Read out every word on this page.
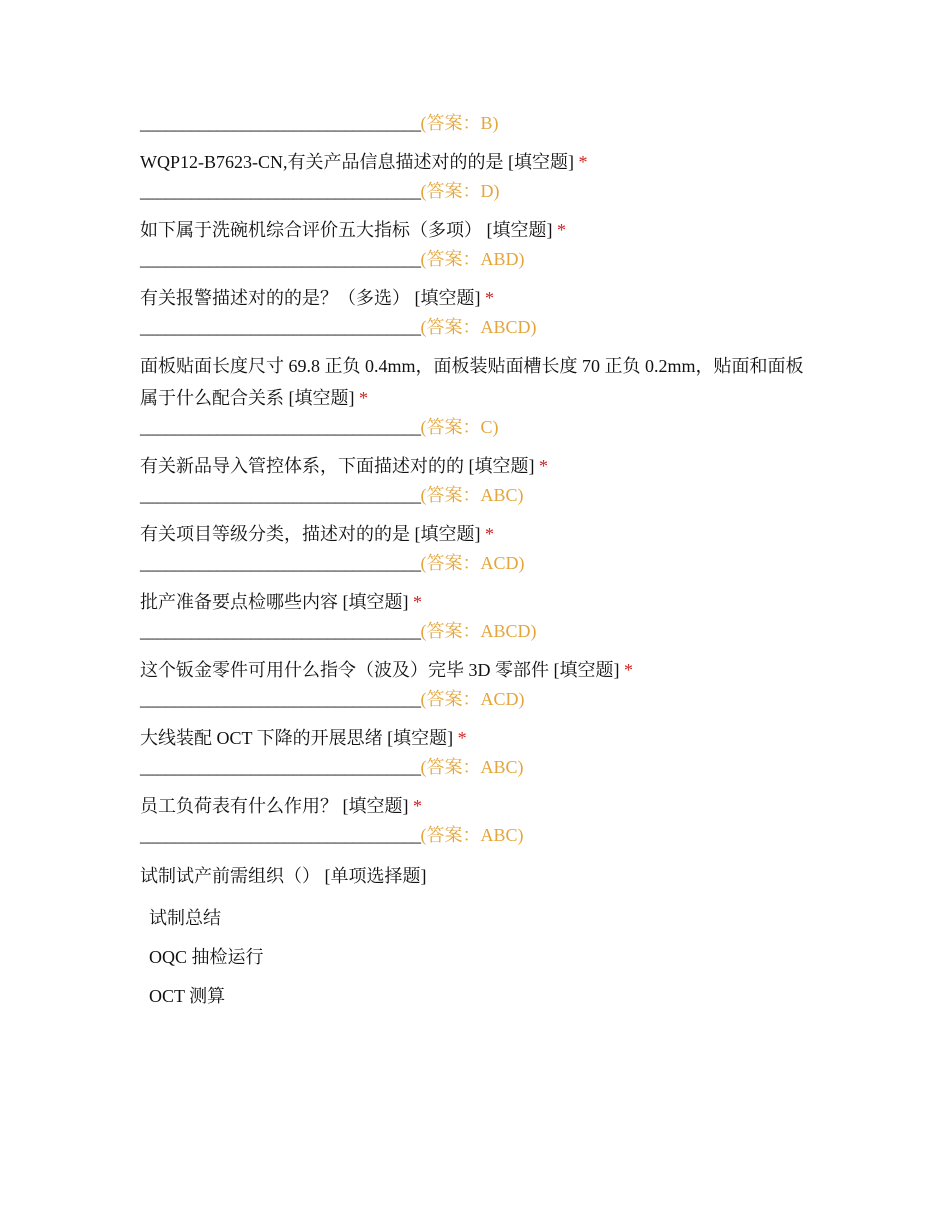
_________________________________(答案：B)
WQP12-B7623-CN,有关产品信息描述对的的是 [填空题] *
_________________________________(答案：D)
如下属于洗碗机综合评价五大指标（多项） [填空题] *
_________________________________(答案：ABD)
有关报警描述对的的是？（多选） [填空题] *
_________________________________(答案：ABCD)
面板贴面长度尺寸 69.8 正负 0.4mm，面板装贴面槽长度 70 正负 0.2mm，贴面和面板属于什么配合关系 [填空题] *
_________________________________(答案：C)
有关新品导入管控体系，下面描述对的的 [填空题] *
_________________________________(答案：ABC)
有关项目等级分类，描述对的的是 [填空题] *
_________________________________(答案：ACD)
批产准备要点检哪些内容 [填空题] *
_________________________________(答案：ABCD)
这个钣金零件可用什么指令（波及）完毕 3D 零部件 [填空题] *
_________________________________(答案：ACD)
大线装配 OCT 下降的开展思绪 [填空题] *
_________________________________(答案：ABC)
员工负荷表有什么作用？ [填空题] *
_________________________________(答案：ABC)
试制试产前需组织（） [单项选择题]
试制总结
OQC 抽检运行
OCT 测算
